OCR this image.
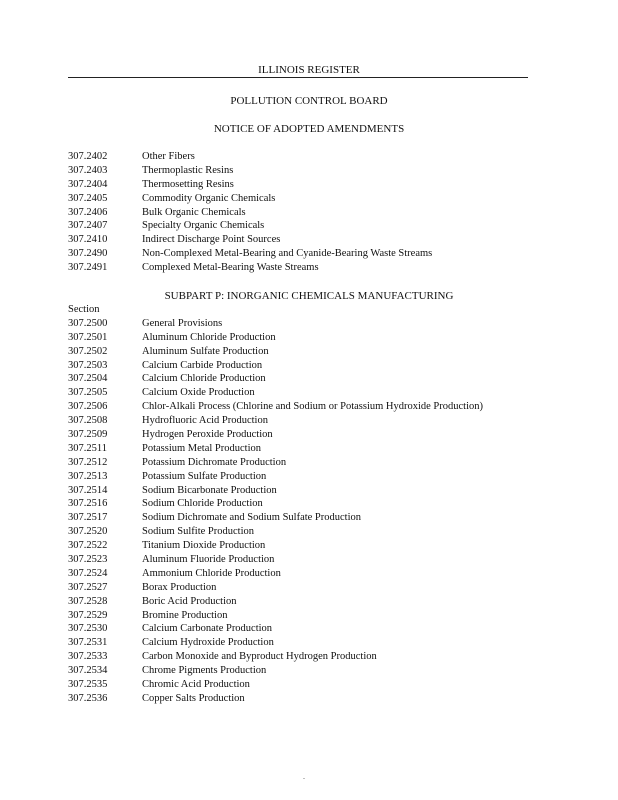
ILLINOIS REGISTER
POLLUTION CONTROL BOARD
NOTICE OF ADOPTED AMENDMENTS
307.2402	Other Fibers
307.2403	Thermoplastic Resins
307.2404	Thermosetting Resins
307.2405	Commodity Organic Chemicals
307.2406	Bulk Organic Chemicals
307.2407	Specialty Organic Chemicals
307.2410	Indirect Discharge Point Sources
307.2490	Non-Complexed Metal-Bearing and Cyanide-Bearing Waste Streams
307.2491	Complexed Metal-Bearing Waste Streams
SUBPART P: INORGANIC CHEMICALS MANUFACTURING
Section
307.2500	General Provisions
307.2501	Aluminum Chloride Production
307.2502	Aluminum Sulfate Production
307.2503	Calcium Carbide Production
307.2504	Calcium Chloride Production
307.2505	Calcium Oxide Production
307.2506	Chlor-Alkali Process (Chlorine and Sodium or Potassium Hydroxide Production)
307.2508	Hydrofluoric Acid Production
307.2509	Hydrogen Peroxide Production
307.2511	Potassium Metal Production
307.2512	Potassium Dichromate Production
307.2513	Potassium Sulfate Production
307.2514	Sodium Bicarbonate Production
307.2516	Sodium Chloride Production
307.2517	Sodium Dichromate and Sodium Sulfate Production
307.2520	Sodium Sulfite Production
307.2522	Titanium Dioxide Production
307.2523	Aluminum Fluoride Production
307.2524	Ammonium Chloride Production
307.2527	Borax Production
307.2528	Boric Acid Production
307.2529	Bromine Production
307.2530	Calcium Carbonate Production
307.2531	Calcium Hydroxide Production
307.2533	Carbon Monoxide and Byproduct Hydrogen Production
307.2534	Chrome Pigments Production
307.2535	Chromic Acid Production
307.2536	Copper Salts Production
.
